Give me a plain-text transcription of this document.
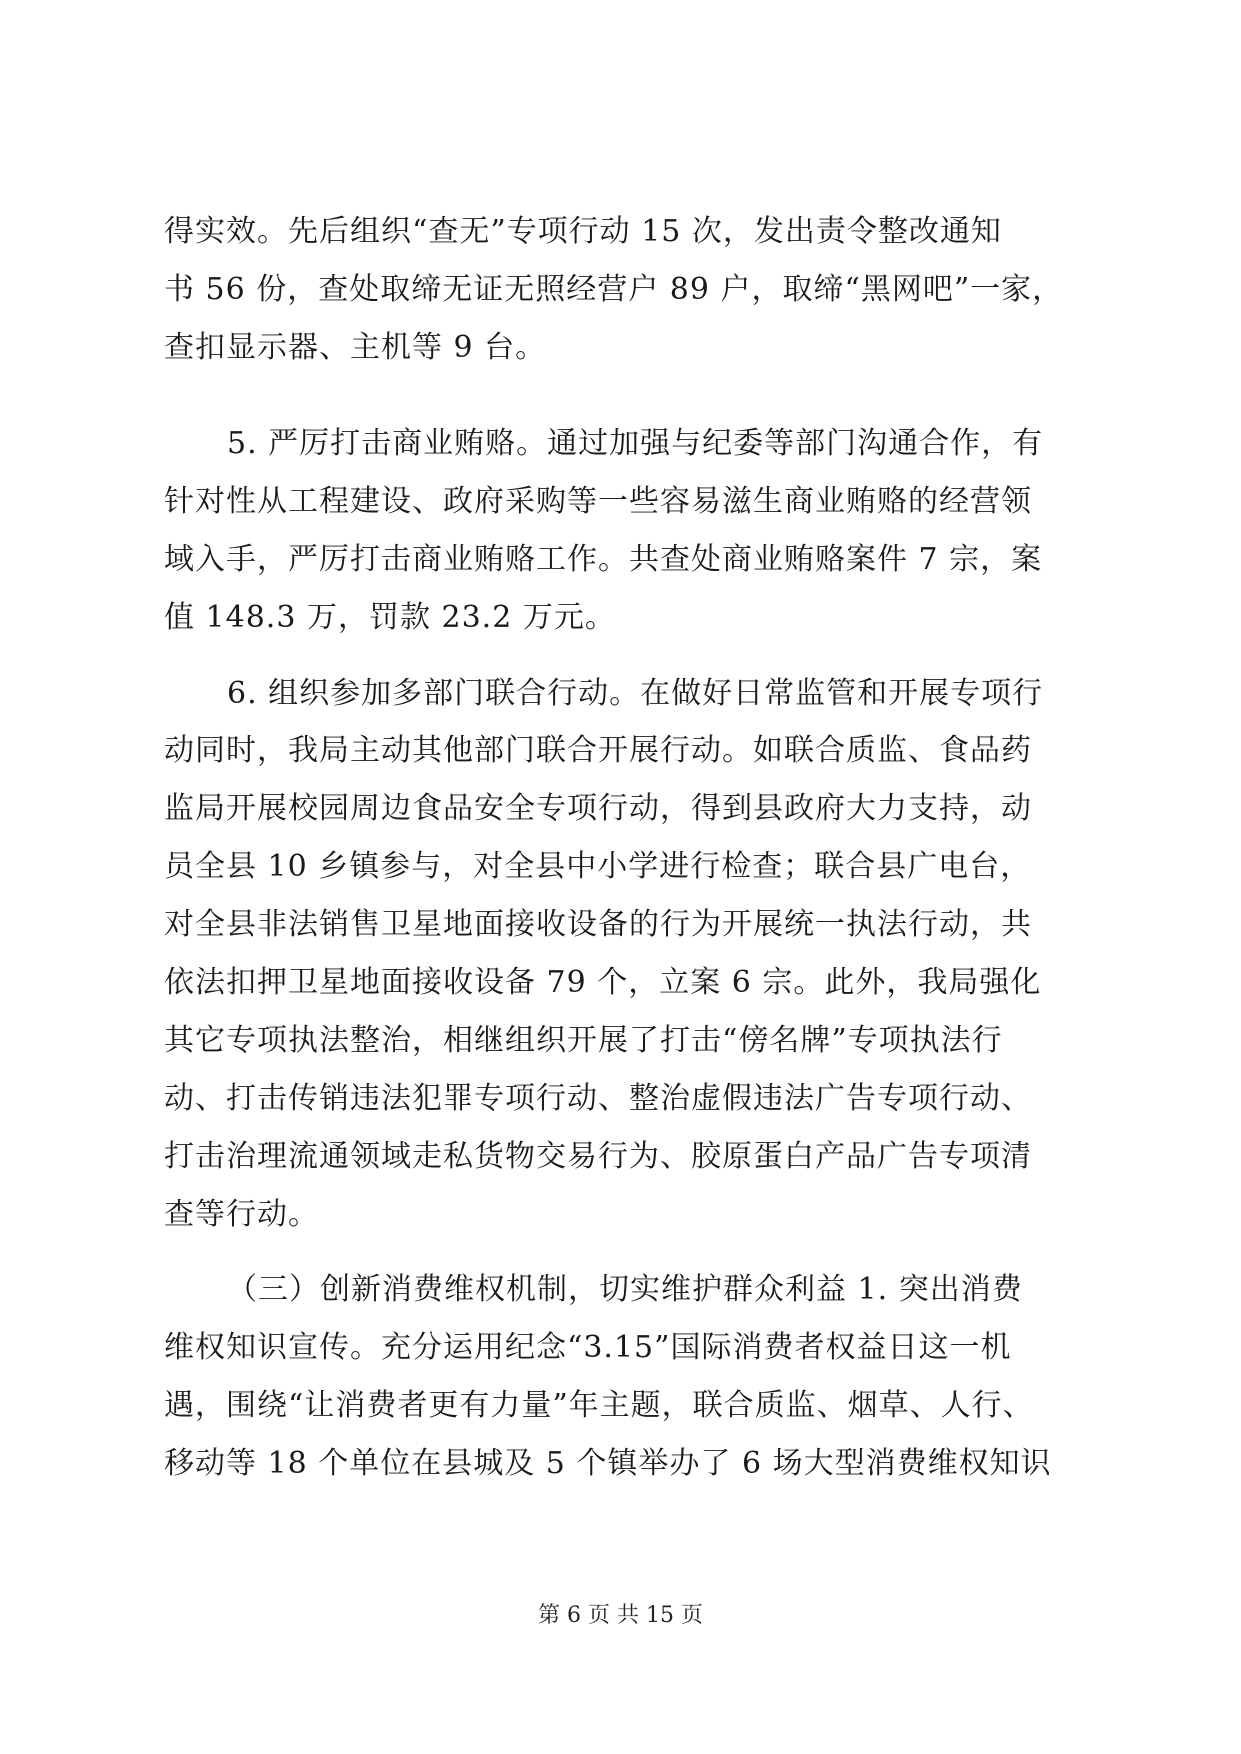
得实效。先后组织“查无”专项行动 15 次，发出责令整改通知
书 56 份，查处取缔无证无照经营户 89 户，取缔“黑网吧”一家，
查扣显示器、主机等 9 台。
5. 严厉打击商业贿赂。通过加强与纪委等部门沟通合作，有
针对性从工程建设、政府采购等一些容易滋生商业贿赂的经营领
域入手，严厉打击商业贿赂工作。共查处商业贿赂案件 7 宗，案
值 148.3 万，罚款 23.2 万元。
6. 组织参加多部门联合行动。在做好日常监管和开展专项行
动同时，我局主动其他部门联合开展行动。如联合质监、食品药
监局开展校园周边食品安全专项行动，得到县政府大力支持，动
员全县 10 乡镇参与，对全县中小学进行检查；联合县广电台，
对全县非法销售卫星地面接收设备的行为开展统一执法行动，共
依法扣押卫星地面接收设备 79 个，立案 6 宗。此外，我局强化
其它专项执法整治，相继组织开展了打击“傍名牌”专项执法行
动、打击传销违法犯罪专项行动、整治虚假违法广告专项行动、
打击治理流通领域走私货物交易行为、胶原蛋白产品广告专项清
查等行动。
（三）创新消费维权机制，切实维护群众利益 1. 突出消费
维权知识宣传。充分运用纪念“3.15”国际消费者权益日这一机
遇，围绕“让消费者更有力量”年主题，联合质监、烟草、人行、
移动等 18 个单位在县城及 5 个镇举办了 6 场大型消费维权知识
第 6 页 共 15 页
